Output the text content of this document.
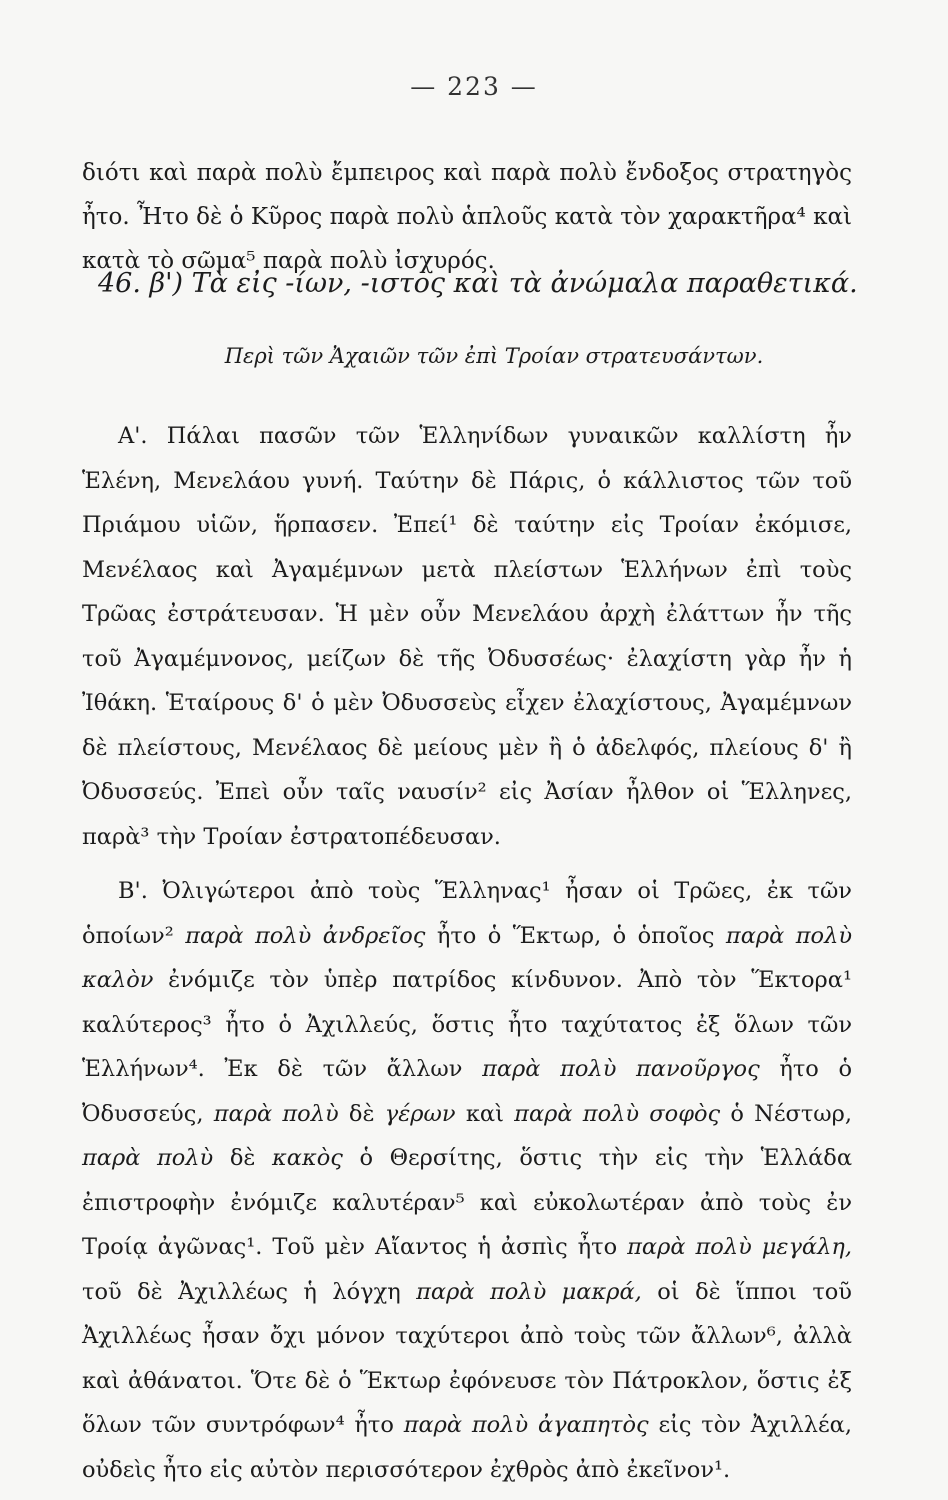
— 223 —

διότι καὶ παρὰ πολὺ ἔμπειρος καὶ παρὰ πολὺ ἔνδοξος στρατηγὸς ἦτο. Ἦτο δὲ ὁ Κῦρος παρὰ πολὺ ἁπλοῦς κατὰ τὸν χαρακτῆρα⁴ καὶ κατὰ τὸ σῶμα⁵ παρὰ πολὺ ἰσχυρός.

46. β') Τὰ εἰς -ίων, -ιστος καὶ τὰ ἀνώμαλα παραθετικά.
Περὶ τῶν Ἀχαιῶν τῶν ἐπὶ Τροίαν στρατευσάντων.

Α'. Πάλαι πασῶν τῶν Ἑλληνίδων γυναικῶν καλλίστη ἦν Ἑλένη, Μενελάου γυνή. Ταύτην δὲ Πάρις, ὁ κάλλιστος τῶν τοῦ Πριάμου υἱῶν, ἥρπασεν. Ἐπεί¹ δὲ ταύτην εἰς Τροίαν ἐκόμισε, Μενέλαος καὶ Ἀγαμέμνων μετὰ πλείστων Ἑλλήνων ἐπὶ τοὺς Τρῶας ἐστράτευσαν. Ἡ μὲν οὖν Μενελάου ἀρχὴ ἐλάττων ἦν τῆς τοῦ Ἀγαμέμνονος, μείζων δὲ τῆς Ὀδυσσέως· ἐλαχίστη γὰρ ἦν ἡ Ἰθάκη. Ἑταίρους δ' ὁ μὲν Ὀδυσσεὺς εἶχεν ἐλαχίστους, Ἀγαμέμνων δὲ πλείστους, Μενέλαος δὲ μείους μὲν ἢ ὁ ἀδελφός, πλείους δ' ἢ Ὀδυσσεύς. Ἐπεὶ οὖν ταῖς ναυσίν² εἰς Ἀσίαν ἦλθον οἱ Ἕλληνες, παρὰ³ τὴν Τροίαν ἐστρατοπέδευσαν.

Β'. Ὀλιγώτεροι ἀπὸ τοὺς Ἕλληνας¹ ἦσαν οἱ Τρῶες, ἐκ τῶν ὁποίων² παρὰ πολὺ ἀνδρεῖος ἦτο ὁ Ἕκτωρ, ὁ ὁποῖος παρὰ πολὺ καλὸν ἐνόμιζε τὸν ὑπὲρ πατρίδος κίνδυνον. Ἀπὸ τὸν Ἕκτορα¹ καλύτερος³ ἦτο ὁ Ἀχιλλεύς, ὅστις ἦτο ταχύτατος ἐξ ὅλων τῶν Ἑλλήνων⁴. Ἐκ δὲ τῶν ἄλλων παρὰ πολὺ πανοῦργος ἦτο ὁ Ὀδυσσεύς, παρὰ πολὺ δὲ γέρων καὶ παρὰ πολὺ σοφὸς ὁ Νέστωρ, παρὰ πολὺ δὲ κακὸς ὁ Θερσίτης, ὅστις τὴν εἰς τὴν Ἑλλάδα ἐπιστροφὴν ἐνόμιζε καλυτέραν⁵ καὶ εὐκολωτέραν ἀπὸ τοὺς ἐν Τροίᾳ ἀγῶνας¹. Τοῦ μὲν Αἴαντος ἡ ἀσπὶς ἦτο παρὰ πολὺ μεγάλη, τοῦ δὲ Ἀχιλλέως ἡ λόγχη παρὰ πολὺ μακρά, οἱ δὲ ἵπποι τοῦ Ἀχιλλέως ἦσαν ὄχι μόνον ταχύτεροι ἀπὸ τοὺς τῶν ἄλλων⁶, ἀλλὰ καὶ ἀθάνατοι. Ὅτε δὲ ὁ Ἕκτωρ ἐφόνευσε τὸν Πάτροκλον, ὅστις ἐξ ὅλων τῶν συντρόφων⁴ ἦτο παρὰ πολὺ ἀγαπητὸς εἰς τὸν Ἀχιλλέα, οὐδεὶς ἦτο εἰς αὐτὸν περισσότερον ἐχθρὸς ἀπὸ ἐκεῖνον¹.
